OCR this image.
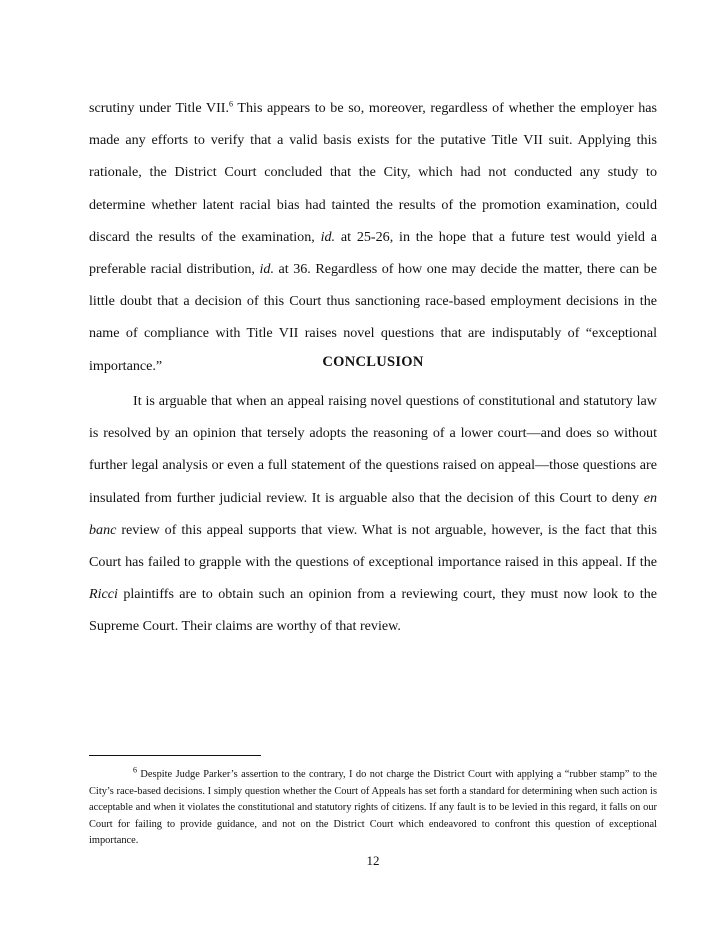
scrutiny under Title VII.$^6$ This appears to be so, moreover, regardless of whether the employer has made any efforts to verify that a valid basis exists for the putative Title VII suit. Applying this rationale, the District Court concluded that the City, which had not conducted any study to determine whether latent racial bias had tainted the results of the promotion examination, could discard the results of the examination, id. at 25-26, in the hope that a future test would yield a preferable racial distribution, id. at 36. Regardless of how one may decide the matter, there can be little doubt that a decision of this Court thus sanctioning race-based employment decisions in the name of compliance with Title VII raises novel questions that are indisputably of “exceptional importance.”	CONCLUSION

It is arguable that when an appeal raising novel questions of constitutional and statutory law is resolved by an opinion that tersely adopts the reasoning of a lower court—and does so without further legal analysis or even a full statement of the questions raised on appeal—those questions are insulated from further judicial review. It is arguable also that the decision of this Court to deny en banc review of this appeal supports that view. What is not arguable, however, is the fact that this Court has failed to grapple with the questions of exceptional importance raised in this appeal. If the Ricci plaintiffs are to obtain such an opinion from a reviewing court, they must now look to the Supreme Court. Their claims are worthy of that review.

$^6$ Despite Judge Parker’s assertion to the contrary, I do not charge the District Court with applying a “rubber stamp” to the City’s race-based decisions. I simply question whether the Court of Appeals has set forth a standard for determining when such action is acceptable and when it violates the constitutional and statutory rights of citizens. If any fault is to be levied in this regard, it falls on our Court for failing to provide guidance, and not on the District Court which endeavored to confront this question of exceptional importance.

12
